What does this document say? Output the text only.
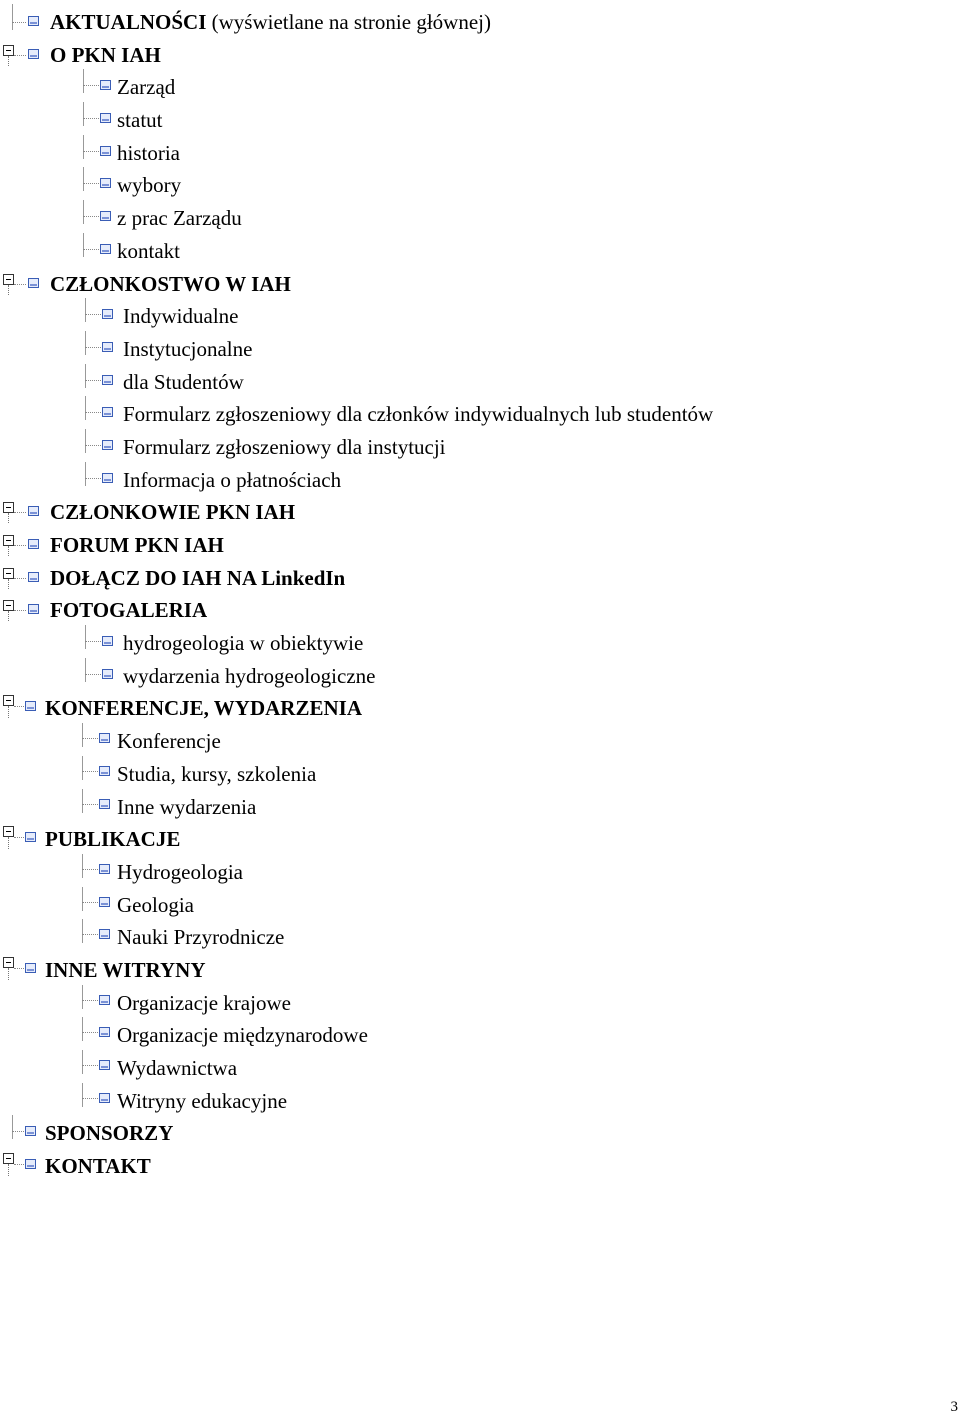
AKTUALNOŚCI (wyświetlane na stronie głównej)
O PKN IAH
Zarząd
statut
historia
wybory
z prac Zarządu
kontakt
CZŁONKOSTWO W IAH
Indywidualne
Instytucjonalne
dla Studentów
Formularz zgłoszeniowy dla członków indywidualnych lub studentów
Formularz zgłoszeniowy dla instytucji
Informacja o płatnościach
CZŁONKOWIE PKN IAH
FORUM PKN IAH
DOŁĄCZ DO IAH NA LinkedIn
FOTOGALERIA
hydrogeologia w obiektywie
wydarzenia hydrogeologiczne
KONFERENCJE, WYDARZENIA
Konferencje
Studia, kursy, szkolenia
Inne wydarzenia
PUBLIKACJE
Hydrogeologia
Geologia
Nauki Przyrodnicze
INNE WITRYNY
Organizacje krajowe
Organizacje międzynarodowe
Wydawnictwa
Witryny edukacyjne
SPONSORZY
KONTAKT
3
